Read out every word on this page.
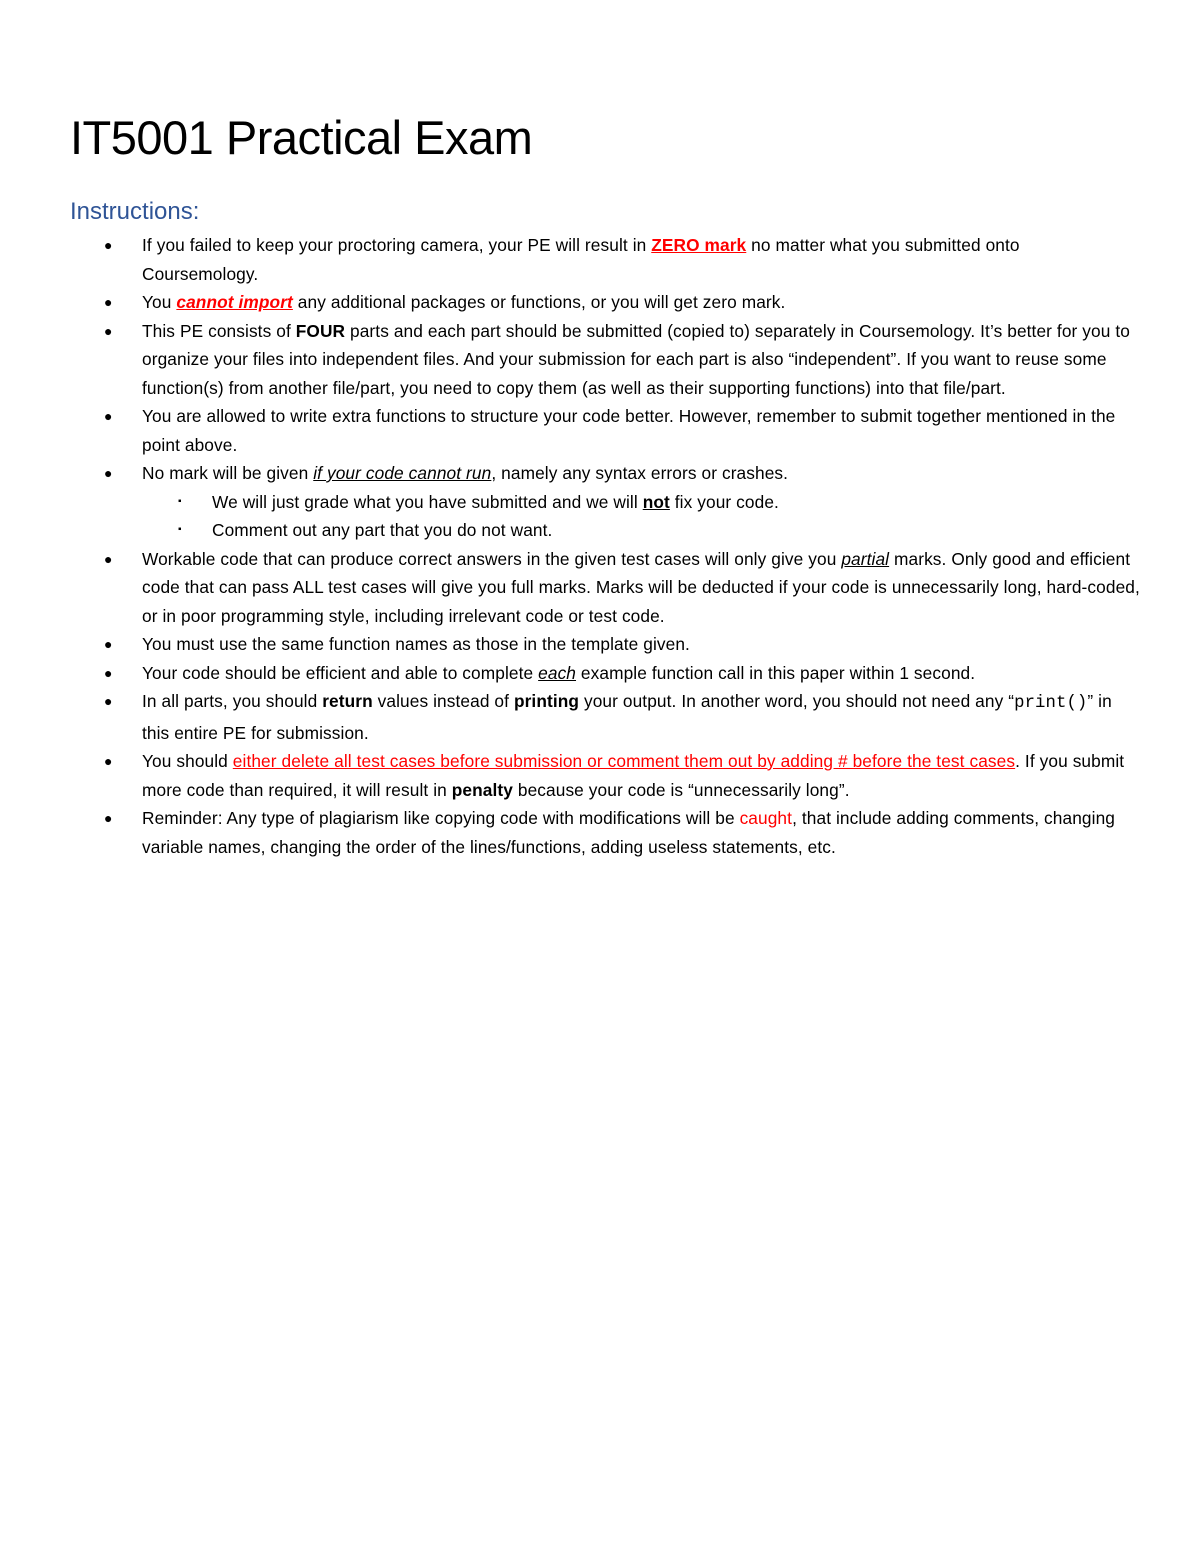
IT5001 Practical Exam
Instructions:
●	If you failed to keep your proctoring camera, your PE will result in ZERO mark no matter what you submitted onto Coursemology.
●	You cannot import any additional packages or functions, or you will get zero mark.
●	This PE consists of FOUR parts and each part should be submitted (copied to) separately in Coursemology. It’s better for you to organize your files into independent files. And your submission for each part is also “independent”. If you want to reuse some function(s) from another file/part, you need to copy them (as well as their supporting functions) into that file/part.
●	You are allowed to write extra functions to structure your code better. However, remember to submit together mentioned in the point above.
●	No mark will be given if your code cannot run, namely any syntax errors or crashes.
▪ We will just grade what you have submitted and we will not fix your code.
▪ Comment out any part that you do not want.
●	Workable code that can produce correct answers in the given test cases will only give you partial marks. Only good and efficient code that can pass ALL test cases will give you full marks. Marks will be deducted if your code is unnecessarily long, hard-coded, or in poor programming style, including irrelevant code or test code.
●	You must use the same function names as those in the template given.
●	Your code should be efficient and able to complete each example function call in this paper within 1 second.
●	In all parts, you should return values instead of printing your output. In another word, you should not need any “print()” in this entire PE for submission.
●	You should either delete all test cases before submission or comment them out by adding # before the test cases. If you submit more code than required, it will result in penalty because your code is “unnecessarily long”.
●	Reminder: Any type of plagiarism like copying code with modifications will be caught, that include adding comments, changing variable names, changing the order of the lines/functions, adding useless statements, etc.
